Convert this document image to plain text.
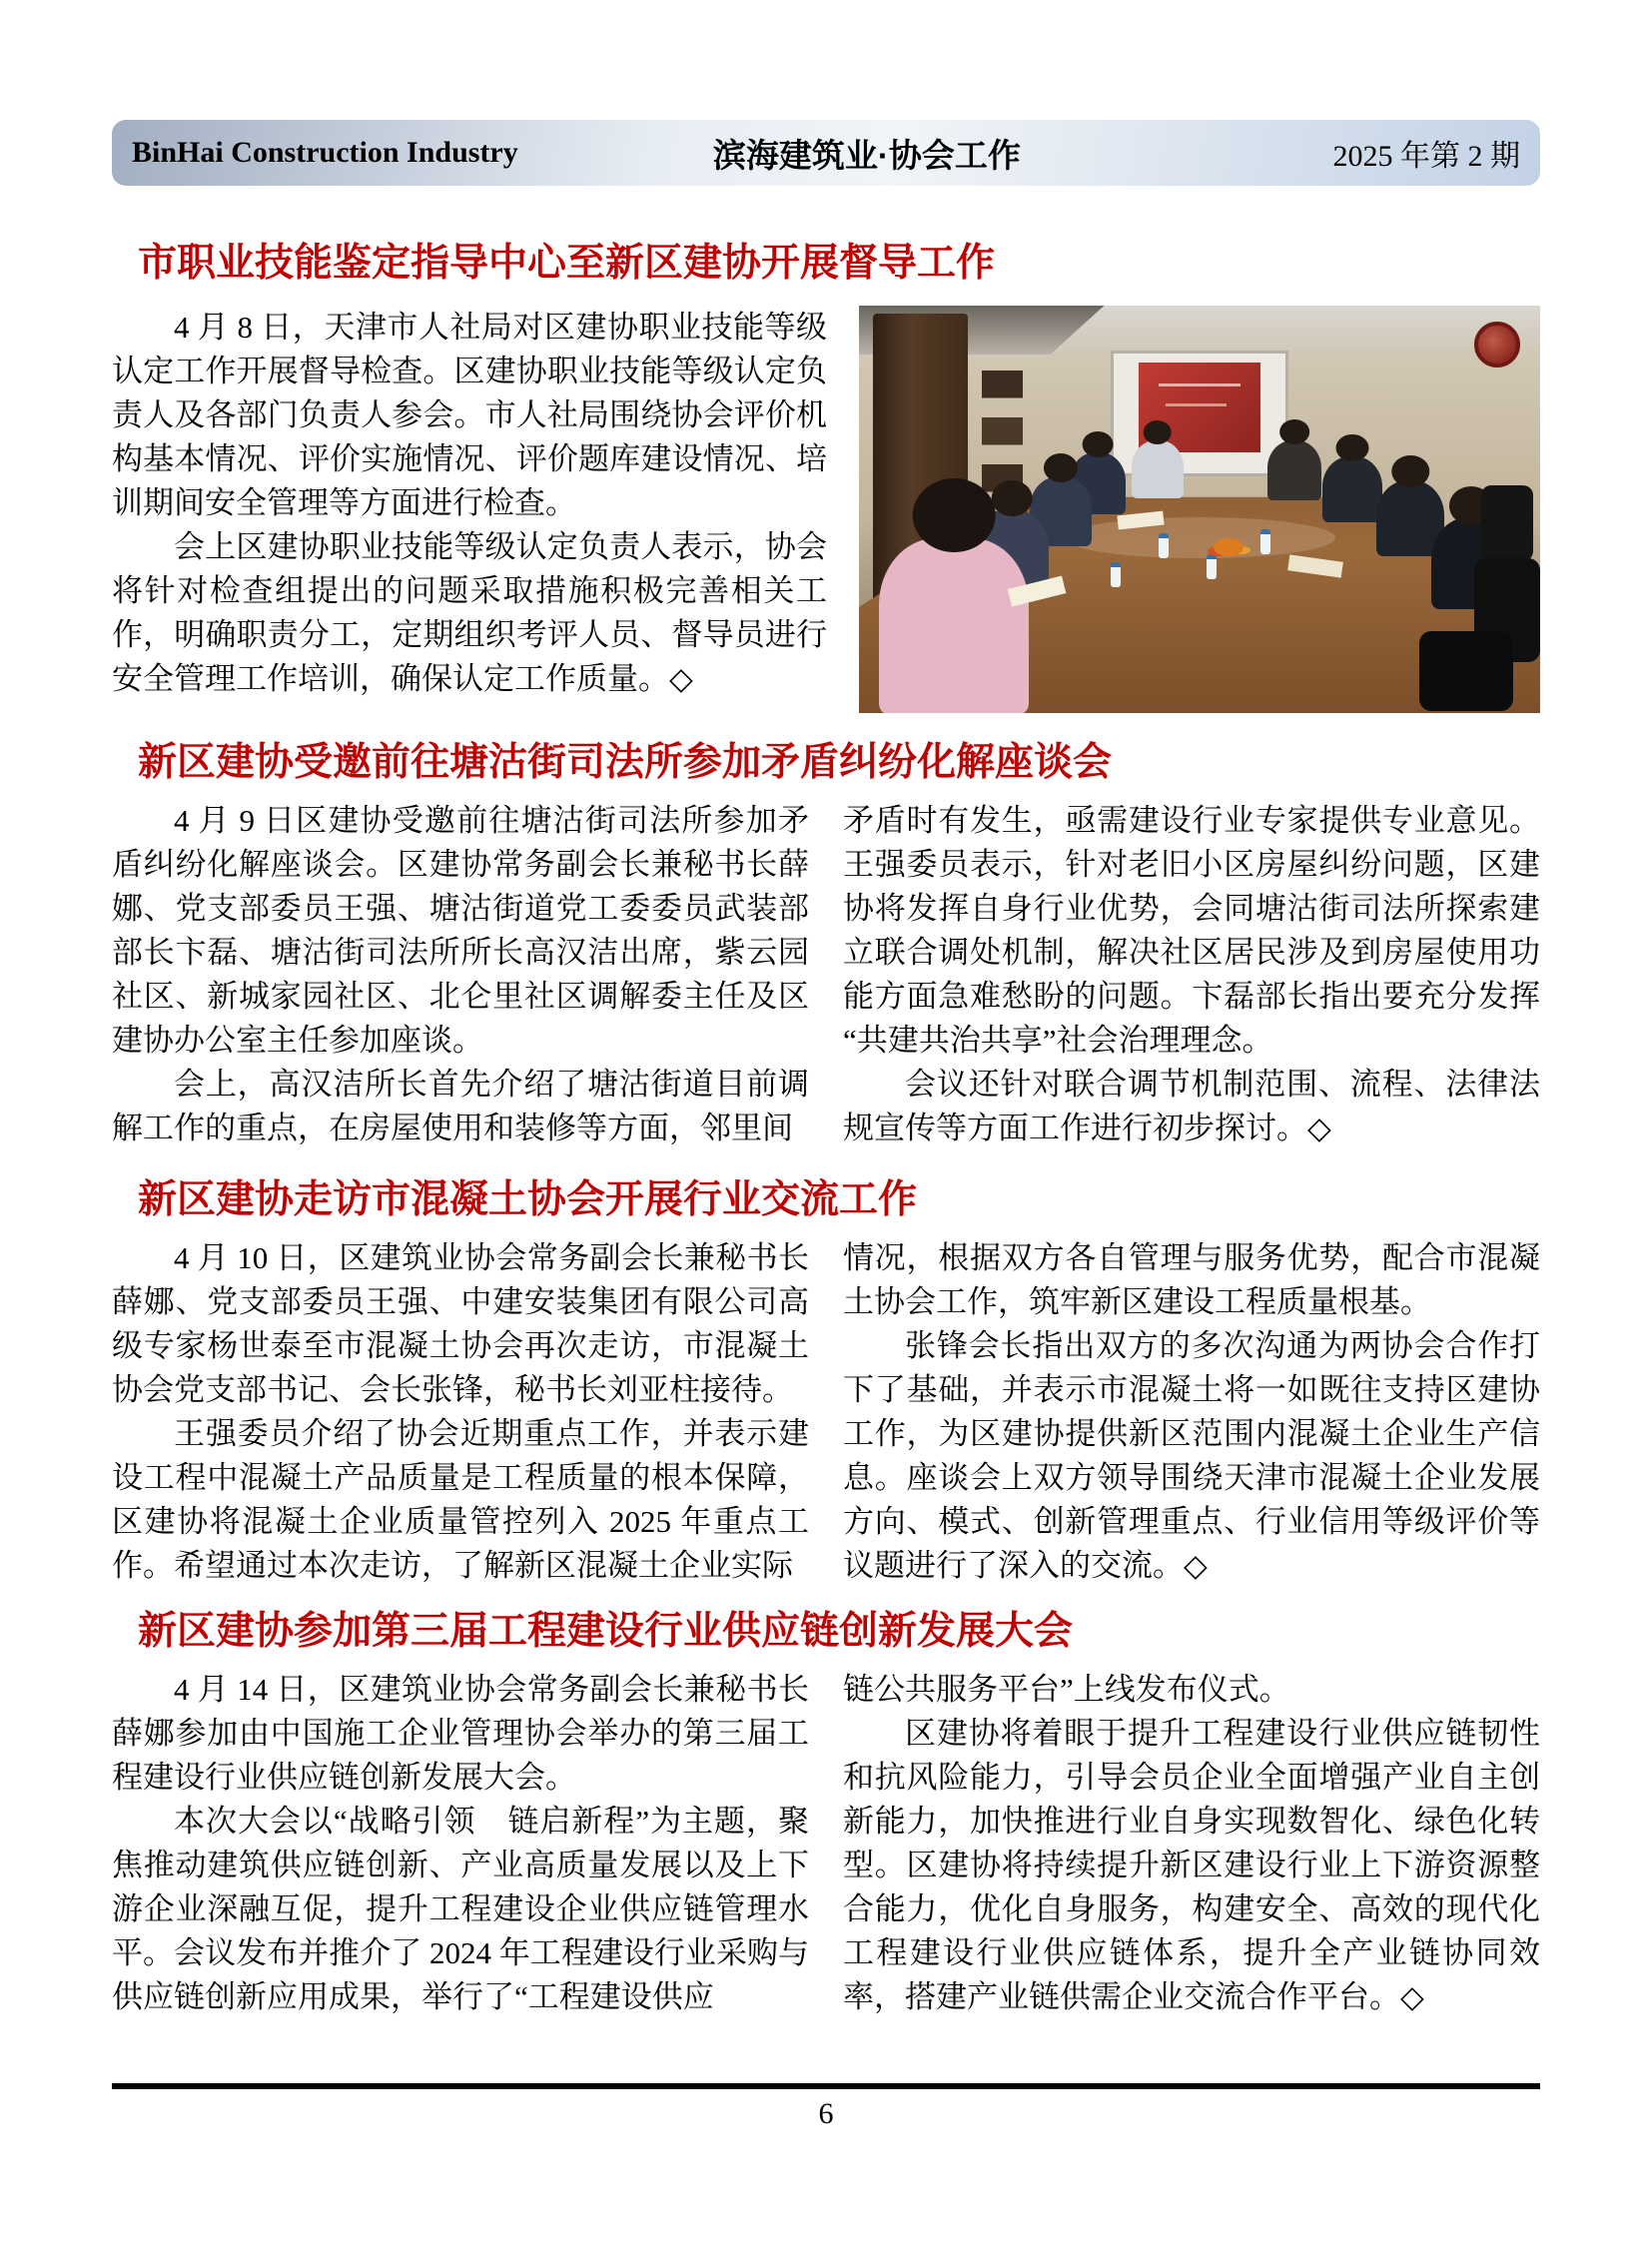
BinHai Construction Industry	滨海建筑业·协会工作	2025 年第 2 期
市职业技能鉴定指导中心至新区建协开展督导工作

4 月 8 日，天津市人社局对区建协职业技能等级认定工作开展督导检查。区建协职业技能等级认定负责人及各部门负责人参会。市人社局围绕协会评价机构基本情况、评价实施情况、评价题库建设情况、培训期间安全管理等方面进行检查。

会上区建协职业技能等级认定负责人表示，协会将针对检查组提出的问题采取措施积极完善相关工作，明确职责分工，定期组织考评人员、督导员进行安全管理工作培训，确保认定工作质量。◇

新区建协受邀前往塘沽街司法所参加矛盾纠纷化解座谈会

4 月 9 日区建协受邀前往塘沽街司法所参加矛盾纠纷化解座谈会。区建协常务副会长兼秘书长薛娜、党支部委员王强、塘沽街道党工委委员武装部部长卞磊、塘沽街司法所所长高汉洁出席，紫云园社区、新城家园社区、北仑里社区调解委主任及区建协办公室主任参加座谈。

会上，高汉洁所长首先介绍了塘沽街道目前调解工作的重点，在房屋使用和装修等方面，邻里间

矛盾时有发生，亟需建设行业专家提供专业意见。王强委员表示，针对老旧小区房屋纠纷问题，区建协将发挥自身行业优势，会同塘沽街司法所探索建立联合调处机制，解决社区居民涉及到房屋使用功能方面急难愁盼的问题。卞磊部长指出要充分发挥“共建共治共享”社会治理理念。

会议还针对联合调节机制范围、流程、法律法规宣传等方面工作进行初步探讨。◇

新区建协走访市混凝土协会开展行业交流工作

4 月 10 日，区建筑业协会常务副会长兼秘书长薛娜、党支部委员王强、中建安装集团有限公司高级专家杨世泰至市混凝土协会再次走访，市混凝土协会党支部书记、会长张锋，秘书长刘亚柱接待。

王强委员介绍了协会近期重点工作，并表示建设工程中混凝土产品质量是工程质量的根本保障，区建协将混凝土企业质量管控列入 2025 年重点工作。希望通过本次走访，了解新区混凝土企业实际

情况，根据双方各自管理与服务优势，配合市混凝土协会工作，筑牢新区建设工程质量根基。

张锋会长指出双方的多次沟通为两协会合作打下了基础，并表示市混凝土将一如既往支持区建协工作，为区建协提供新区范围内混凝土企业生产信息。座谈会上双方领导围绕天津市混凝土企业发展方向、模式、创新管理重点、行业信用等级评价等议题进行了深入的交流。◇

新区建协参加第三届工程建设行业供应链创新发展大会

4 月 14 日，区建筑业协会常务副会长兼秘书长薛娜参加由中国施工企业管理协会举办的第三届工程建设行业供应链创新发展大会。

本次大会以“战略引领　链启新程”为主题，聚焦推动建筑供应链创新、产业高质量发展以及上下游企业深融互促，提升工程建设企业供应链管理水平。会议发布并推介了 2024 年工程建设行业采购与供应链创新应用成果，举行了“工程建设供应

链公共服务平台”上线发布仪式。

区建协将着眼于提升工程建设行业供应链韧性和抗风险能力，引导会员企业全面增强产业自主创新能力，加快推进行业自身实现数智化、绿色化转型。区建协将持续提升新区建设行业上下游资源整合能力，优化自身服务，构建安全、高效的现代化工程建设行业供应链体系，提升全产业链协同效率，搭建产业链供需企业交流合作平台。◇

6
